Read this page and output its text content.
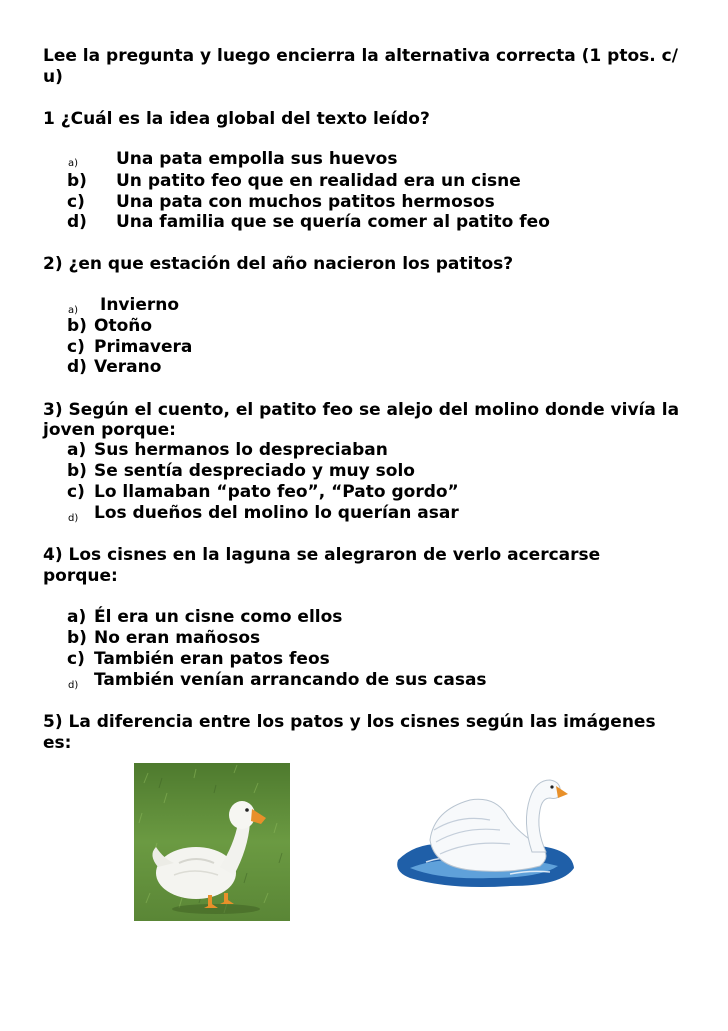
Lee la pregunta y luego encierra la alternativa correcta (1 ptos. c/
u)
1 ¿Cuál es la idea global del texto leído?
a) Una pata empolla sus huevos
b) Un patito feo que en realidad era un cisne
c) Una pata con muchos patitos hermosos
d) Una familia que se quería comer al patito feo
2) ¿en que estación del año nacieron los patitos?
a) Invierno
b) Otoño
c) Primavera
d) Verano
3) Según el cuento, el patito feo se alejo del molino donde vivía la
joven porque:
a) Sus hermanos lo despreciaban
b) Se sentía despreciado y muy solo
c) Lo llamaban “pato feo”, “Pato gordo”
d) Los dueños del molino lo querían asar
4) Los cisnes en la laguna se alegraron de verlo acercarse
porque:
a) Él era un cisne como ellos
b) No eran mañosos
c) También eran patos feos
d) También venían arrancando de sus casas
5) La diferencia entre los patos y los cisnes según las imágenes
es:
